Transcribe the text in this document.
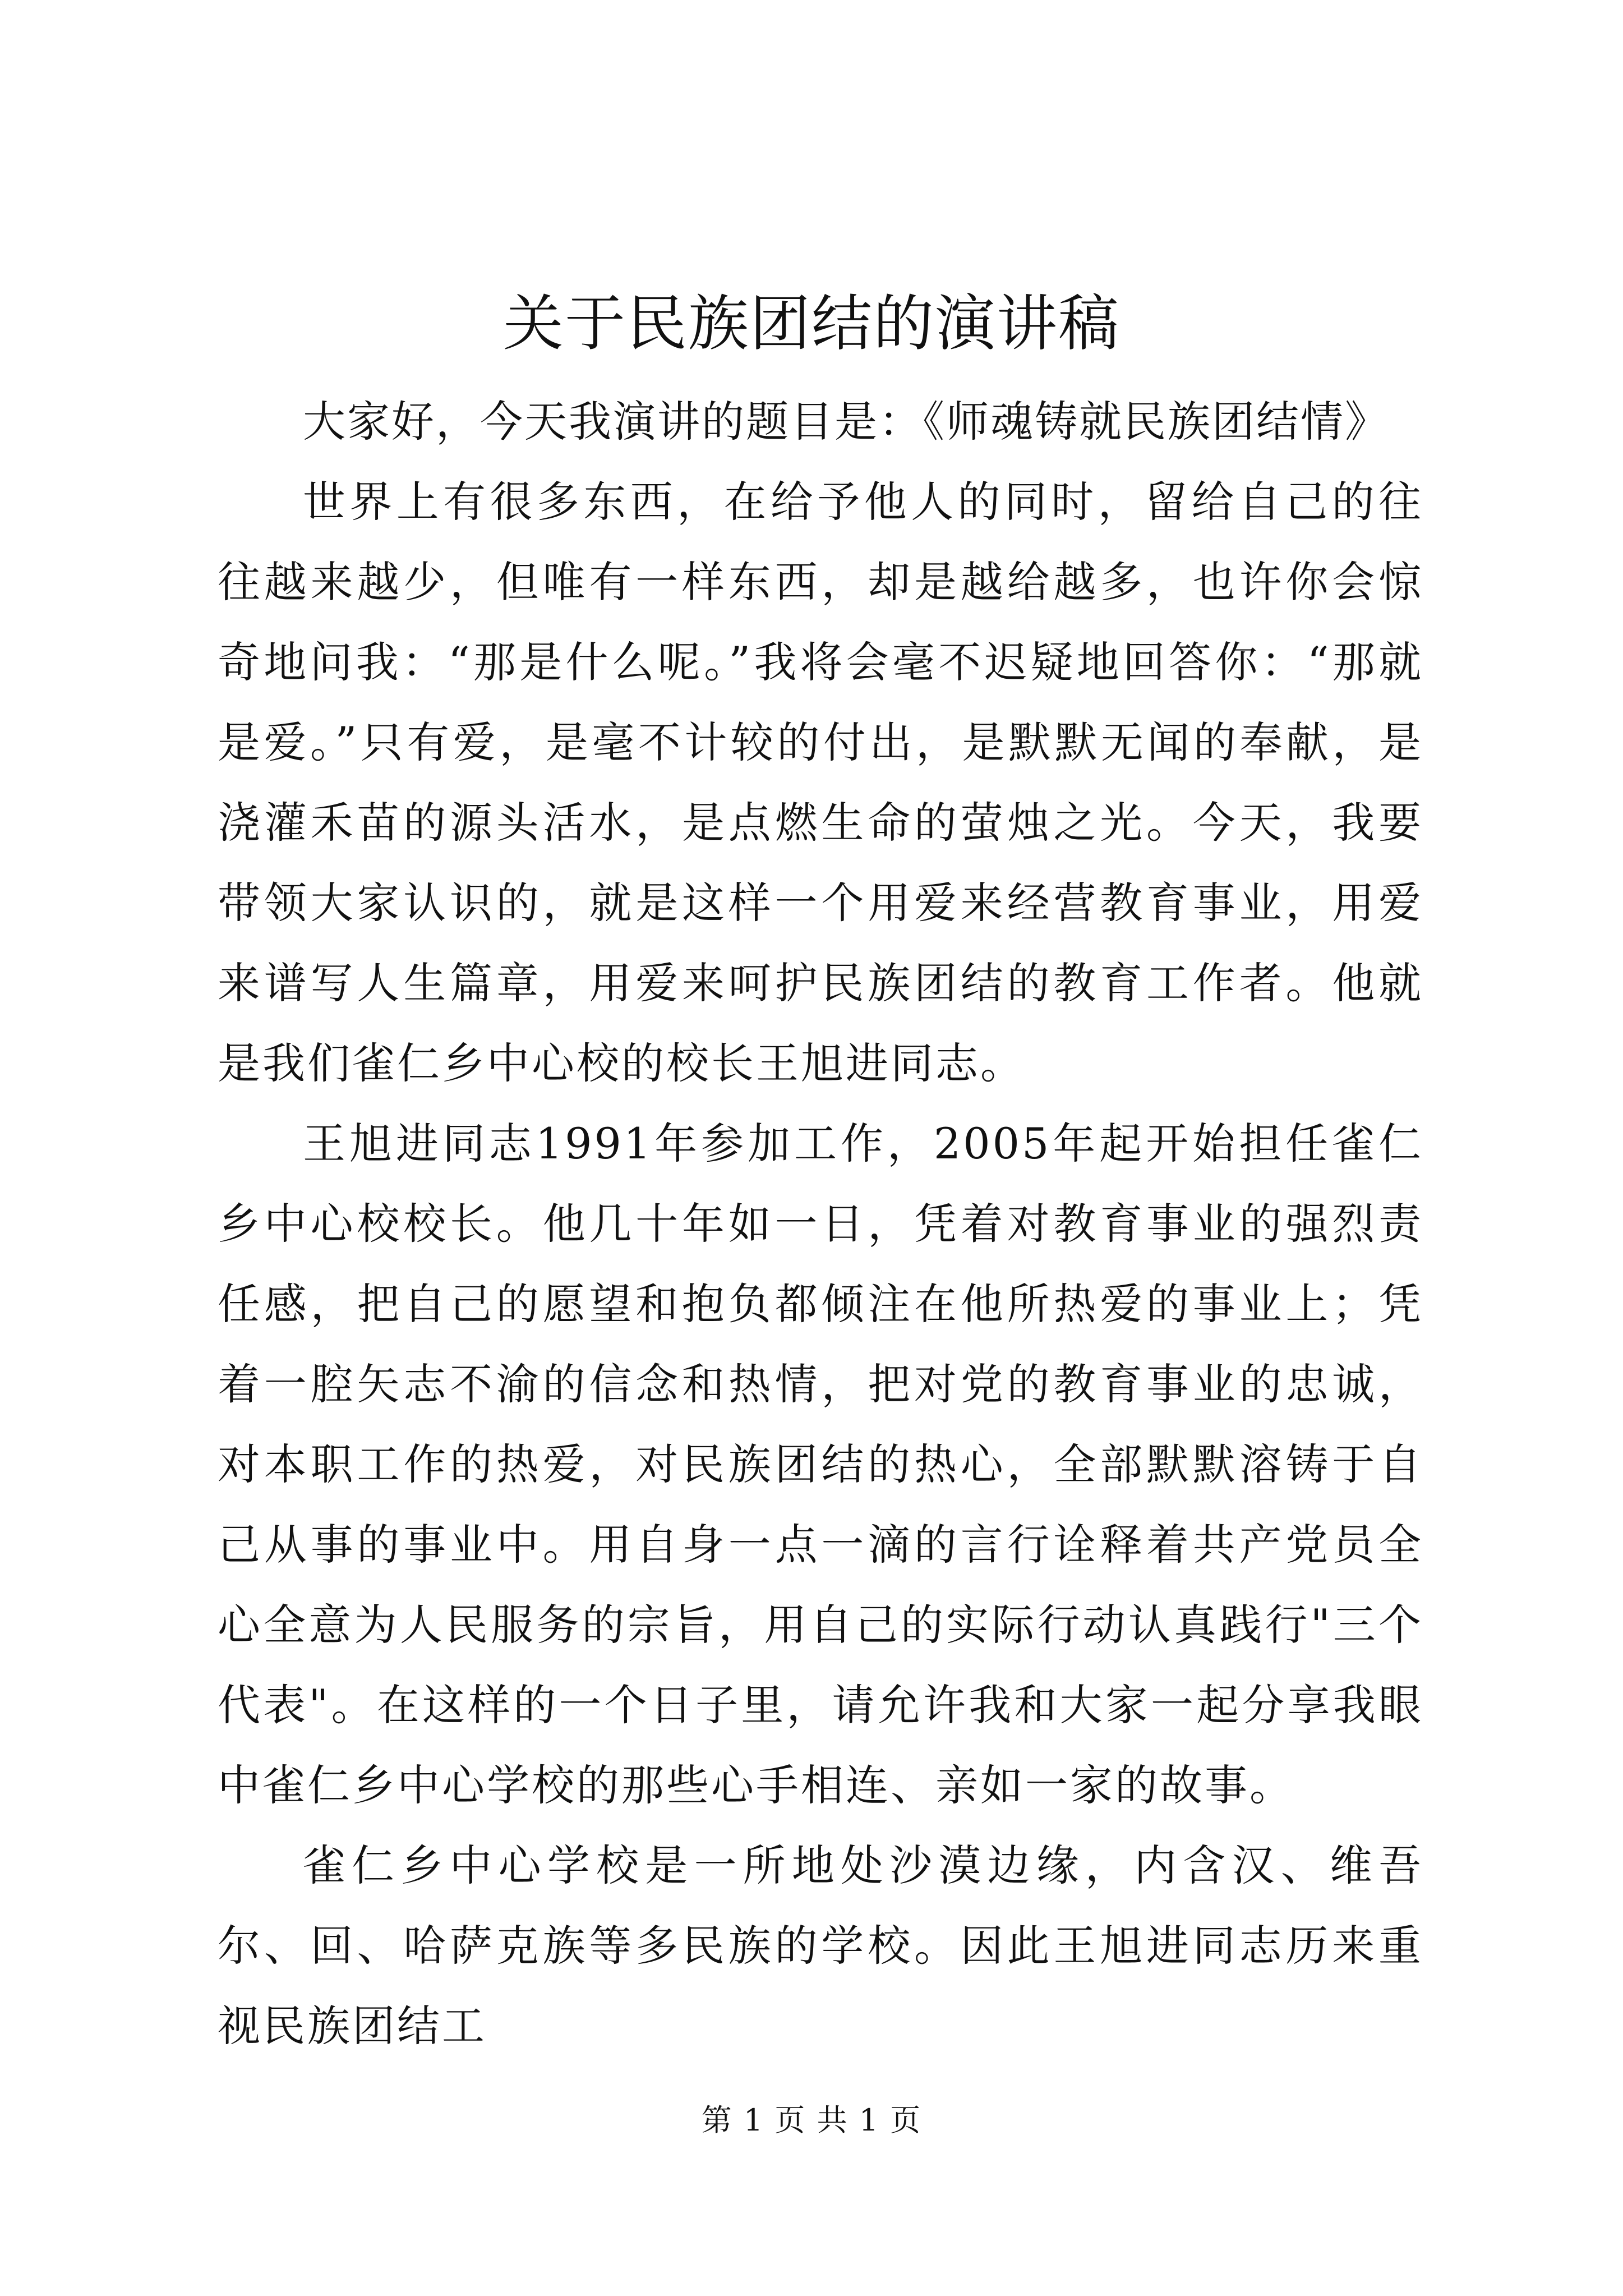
关于民族团结的演讲稿

大家好，今天我演讲的题目是：《师魂铸就民族团结情》

世界上有很多东西，在给予他人的同时，留给自己的往往越来越少，但唯有一样东西，却是越给越多，也许你会惊奇地问我：“那是什么呢。”我将会毫不迟疑地回答你：“那就是爱。”只有爱，是毫不计较的付出，是默默无闻的奉献，是浇灌禾苗的源头活水，是点燃生命的萤烛之光。今天，我要带领大家认识的，就是这样一个用爱来经营教育事业，用爱来谱写人生篇章，用爱来呵护民族团结的教育工作者。他就是我们雀仁乡中心校的校长王旭进同志。

王旭进同志1991年参加工作，2005年起开始担任雀仁乡中心校校长。他几十年如一日，凭着对教育事业的强烈责任感，把自己的愿望和抱负都倾注在他所热爱的事业上；凭着一腔矢志不渝的信念和热情，把对党的教育事业的忠诚，对本职工作的热爱，对民族团结的热心，全部默默溶铸于自己从事的事业中。用自身一点一滴的言行诠释着共产党员全心全意为人民服务的宗旨，用自己的实际行动认真践行"三个代表"。在这样的一个日子里，请允许我和大家一起分享我眼中雀仁乡中心学校的那些心手相连、亲如一家的故事。

雀仁乡中心学校是一所地处沙漠边缘，内含汉、维吾尔、回、哈萨克族等多民族的学校。因此王旭进同志历来重视民族团结工

第 1 页 共 1 页
